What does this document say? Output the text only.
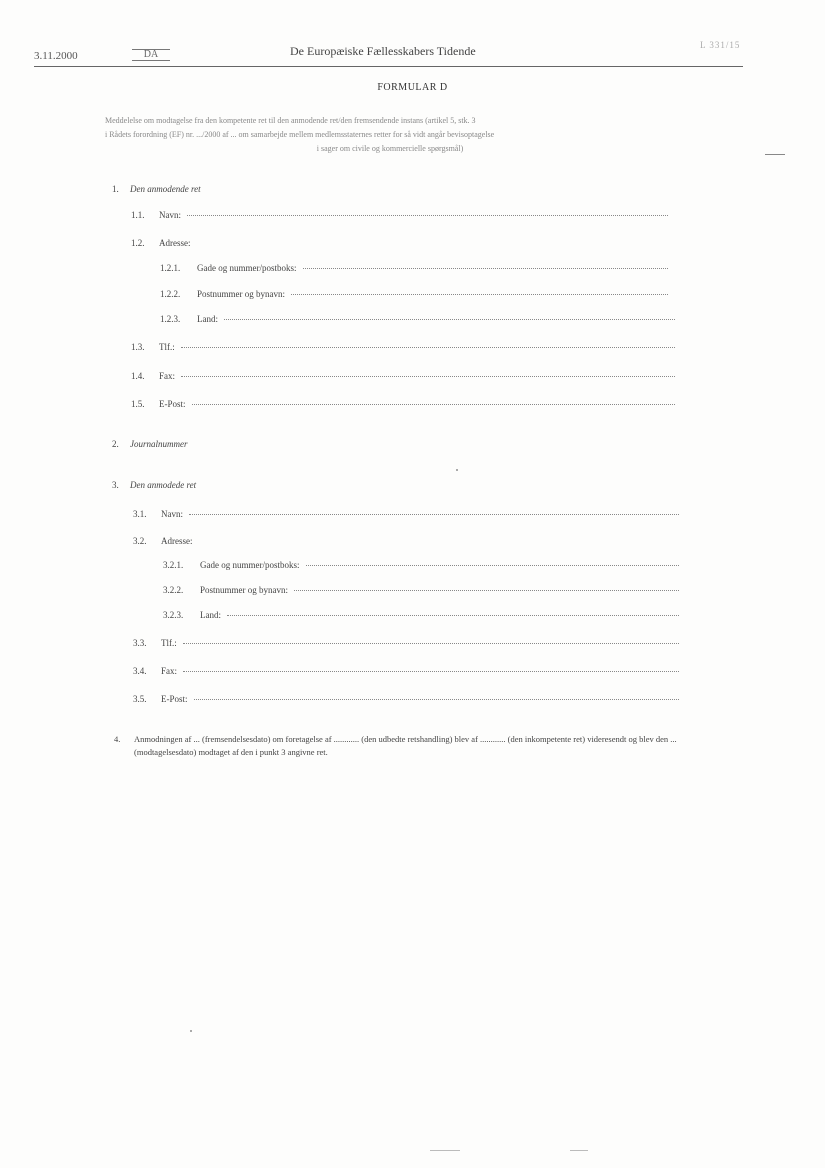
3.11.2000	DA	De Europæiske Fællesskabers Tidende	L 331/15
FORMULAR D
Meddelelse om modtagelse fra den kompetente ret til den anmodende ret/den fremsendende instans (artikel 5, stk. 3
i Rådets forordning (EF) nr. .../2000 af ... om samarbejde mellem medlemsstaternes retter for så vidt angår bevisoptagelse
i sager om civile og kommercielle spørgsmål)
1. Den anmodende ret
1.1.	Navn:
1.2.	Adresse:
1.2.1.	Gade og nummer/postboks:
1.2.2.	Postnummer og bynavn:
1.2.3.	Land:
1.3.	Tlf.:
1.4.	Fax:
1.5.	E-Post:
2. Journalnummer
3. Den anmodede ret
3.1.	Navn:
3.2.	Adresse:
3.2.1.	Gade og nummer/postboks:
3.2.2.	Postnummer og bynavn:
3.2.3.	Land:
3.3.	Tlf.:
3.4.	Fax:
3.5.	E-Post:
4. Anmodningen af ... (fremsendelsesdato) om foretagelse af ............ (den udbedte retshandling) blev af ............ (den inkompetente ret) videresendt og blev den ... (modtagelsesdato) modtaget af den i punkt 3 angivne ret.
